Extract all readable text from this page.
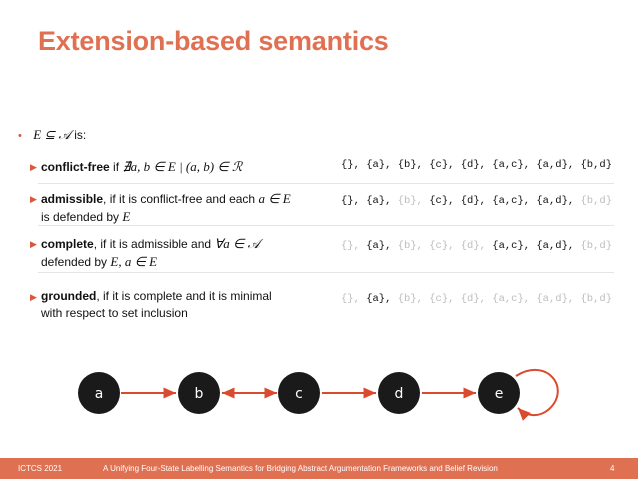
Extension-based semantics
• E ⊆ 𝒜 is:
▶ conflict-free if ∄a, b ∈ E | (a, b) ∈ ℛ	{}, {a}, {b}, {c}, {d}, {a,c}, {a,d}, {b,d}
▶ admissible, if it is conflict-free and each a ∈ E
is defended by E
{}, {a}, {b}, {c}, {d}, {a,c}, {a,d}, {b,d}
▶ complete, if it is admissible and ∀a ∈ 𝒜
defended by E, a ∈ E
{}, {a}, {b}, {c}, {d}, {a,c}, {a,d}, {b,d}
▶ grounded, if it is complete and it is minimal
with respect to set inclusion
{}, {a}, {b}, {c}, {d}, {a,c}, {a,d}, {b,d}
a	b	c	d	e
ICTCS 2021	A Unifying Four-State Labelling Semantics for Bridging Abstract Argumentation Frameworks and Belief Revision	4
